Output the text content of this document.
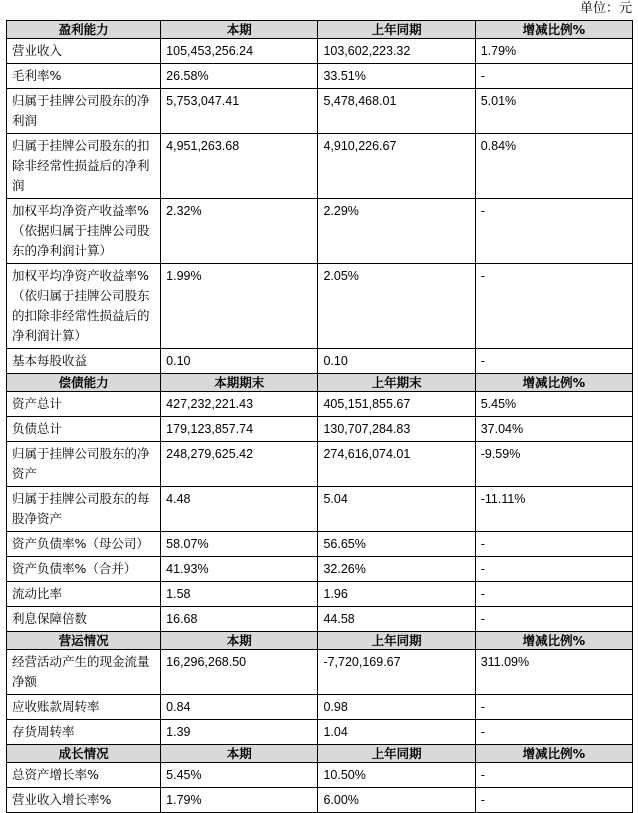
单位：元
盈利能力	本期	上年同期	增减比例%
营业收入	105,453,256.24	103,602,223.32	1.79%
毛利率%	26.58%	33.51%	-
归属于挂牌公司股东的净利润	5,753,047.41	5,478,468.01	5.01%
归属于挂牌公司股东的扣除非经常性损益后的净利润	4,951,263.68	4,910,226.67	0.84%
加权平均净资产收益率%（依据归属于挂牌公司股东的净利润计算）	2.32%	2.29%	-
加权平均净资产收益率%（依归属于挂牌公司股东的扣除非经常性损益后的净利润计算）	1.99%	2.05%	-
基本每股收益	0.10	0.10	-
偿债能力	本期期末	上年期末	增减比例%
资产总计	427,232,221.43	405,151,855.67	5.45%
负债总计	179,123,857.74	130,707,284.83	37.04%
归属于挂牌公司股东的净资产	248,279,625.42	274,616,074.01	-9.59%
归属于挂牌公司股东的每股净资产	4.48	5.04	-11.11%
资产负债率%（母公司）	58.07%	56.65%	-
资产负债率%（合并）	41.93%	32.26%	-
流动比率	1.58	1.96	-
利息保障倍数	16.68	44.58	-
营运情况	本期	上年同期	增减比例%
经营活动产生的现金流量净额	16,296,268.50	-7,720,169.67	311.09%
应收账款周转率	0.84	0.98	-
存货周转率	1.39	1.04	-
成长情况	本期	上年同期	增减比例%
总资产增长率%	5.45%	10.50%	-
营业收入增长率%	1.79%	6.00%	-
